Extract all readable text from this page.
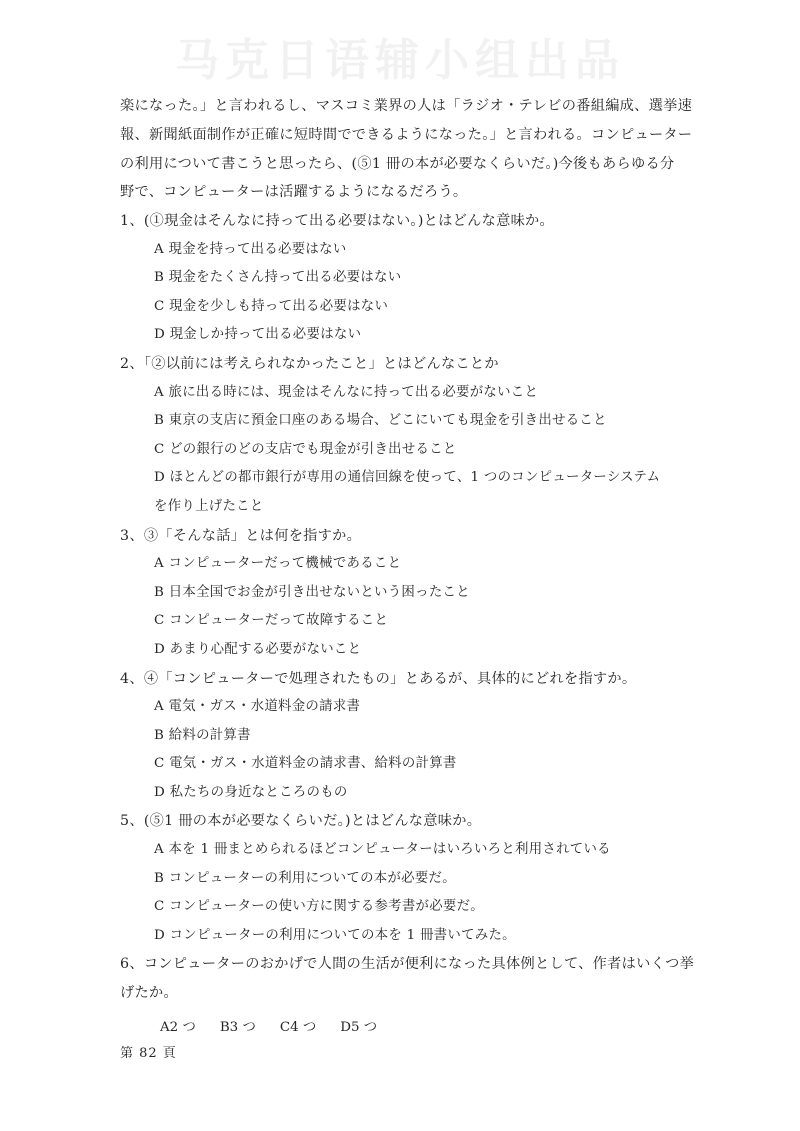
马克日语辅小组出品
楽になった。」と言われるし、マスコミ業界の人は「ラジオ・テレビの番組編成、選挙速
報、新聞紙面制作が正確に短時間でできるようになった。」と言われる。コンピューター
の利用について書こうと思ったら、(⑤1 冊の本が必要なくらいだ。)今後もあらゆる分
野で、コンピューターは活躍するようになるだろう。
1、(①現金はそんなに持って出る必要はない。)とはどんな意味か。
A 現金を持って出る必要はない
B 現金をたくさん持って出る必要はない
C 現金を少しも持って出る必要はない
D 現金しか持って出る必要はない
2、「②以前には考えられなかったこと」とはどんなことか
A 旅に出る時には、現金はそんなに持って出る必要がないこと
B 東京の支店に預金口座のある場合、どこにいても現金を引き出せること
C どの銀行のどの支店でも現金が引き出せること
D ほとんどの都市銀行が専用の通信回線を使って、1 つのコンピューターシステム
を作り上げたこと
3、③「そんな話」とは何を指すか。
A コンピューターだって機械であること
B 日本全国でお金が引き出せないという困ったこと
C コンピューターだって故障すること
D あまり心配する必要がないこと
4、④「コンピューターで処理されたもの」とあるが、具体的にどれを指すか。
A 電気・ガス・水道料金の請求書
B 給料の計算書
C 電気・ガス・水道料金の請求書、給料の計算書
D 私たちの身近なところのもの
5、(⑤1 冊の本が必要なくらいだ。)とはどんな意味か。
A 本を 1 冊まとめられるほどコンピューターはいろいろと利用されている
B コンピューターの利用についての本が必要だ。
C コンピューターの使い方に関する参考書が必要だ。
D コンピューターの利用についての本を 1 冊書いてみた。
6、コンピューターのおかげで人間の生活が便利になった具体例として、作者はいくつ挙
げたか。
A2 つ B3 つ C4 つ D5 つ
第 82 頁
